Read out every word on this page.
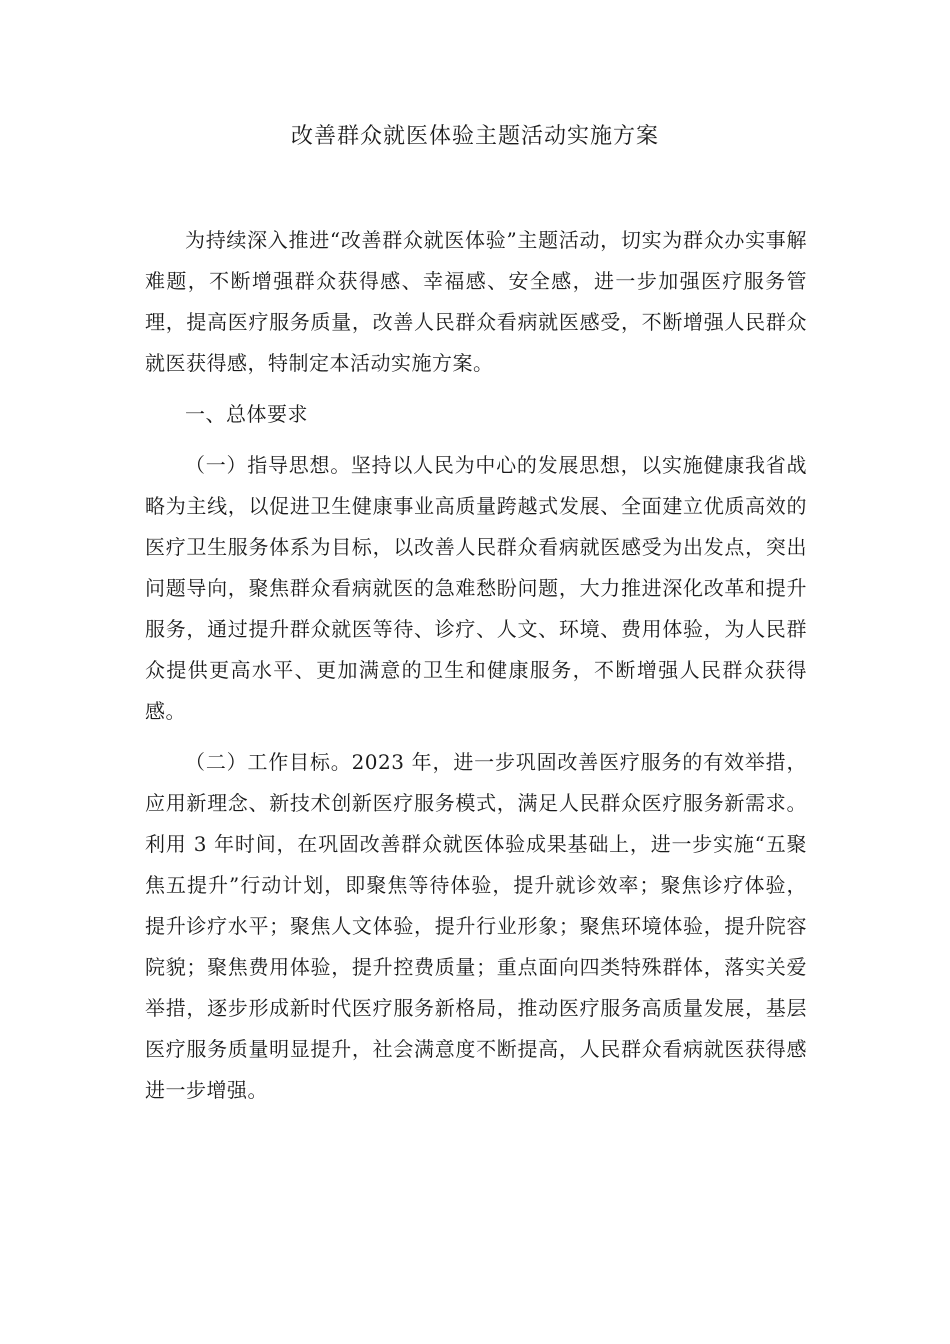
改善群众就医体验主题活动实施方案

为持续深入推进“改善群众就医体验”主题活动，切实为群众办实事解难题，不断增强群众获得感、幸福感、安全感，进一步加强医疗服务管理，提高医疗服务质量，改善人民群众看病就医感受，不断增强人民群众就医获得感，特制定本活动实施方案。

一、总体要求

（一）指导思想。坚持以人民为中心的发展思想，以实施健康我省战略为主线，以促进卫生健康事业高质量跨越式发展、全面建立优质高效的医疗卫生服务体系为目标，以改善人民群众看病就医感受为出发点，突出问题导向，聚焦群众看病就医的急难愁盼问题，大力推进深化改革和提升服务，通过提升群众就医等待、诊疗、人文、环境、费用体验，为人民群众提供更高水平、更加满意的卫生和健康服务，不断增强人民群众获得感。

（二）工作目标。2023 年，进一步巩固改善医疗服务的有效举措，应用新理念、新技术创新医疗服务模式，满足人民群众医疗服务新需求。利用 3 年时间，在巩固改善群众就医体验成果基础上，进一步实施“五聚焦五提升”行动计划，即聚焦等待体验，提升就诊效率；聚焦诊疗体验，提升诊疗水平；聚焦人文体验，提升行业形象；聚焦环境体验，提升院容院貌；聚焦费用体验，提升控费质量；重点面向四类特殊群体，落实关爱举措，逐步形成新时代医疗服务新格局，推动医疗服务高质量发展，基层医疗服务质量明显提升，社会满意度不断提高，人民群众看病就医获得感进一步增强。
